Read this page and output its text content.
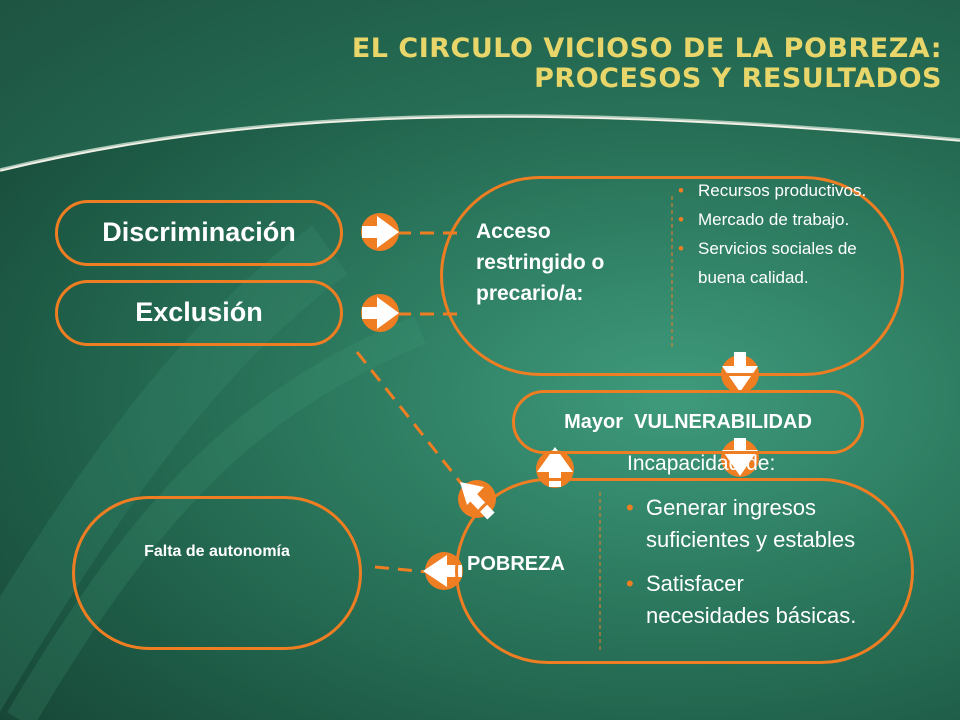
EL CIRCULO VICIOSO DE LA POBREZA:
PROCESOS Y RESULTADOS
Discriminación
Exclusión
Acceso restringido o precario/a:
• Recursos productivos.
• Mercado de trabajo.
• Servicios sociales de buena calidad.
Mayor  VULNERABILIDAD
POBREZA
Incapacidad de:
• Generar ingresos suficientes y estables
• Satisfacer necesidades básicas.
Falta de autonomía
